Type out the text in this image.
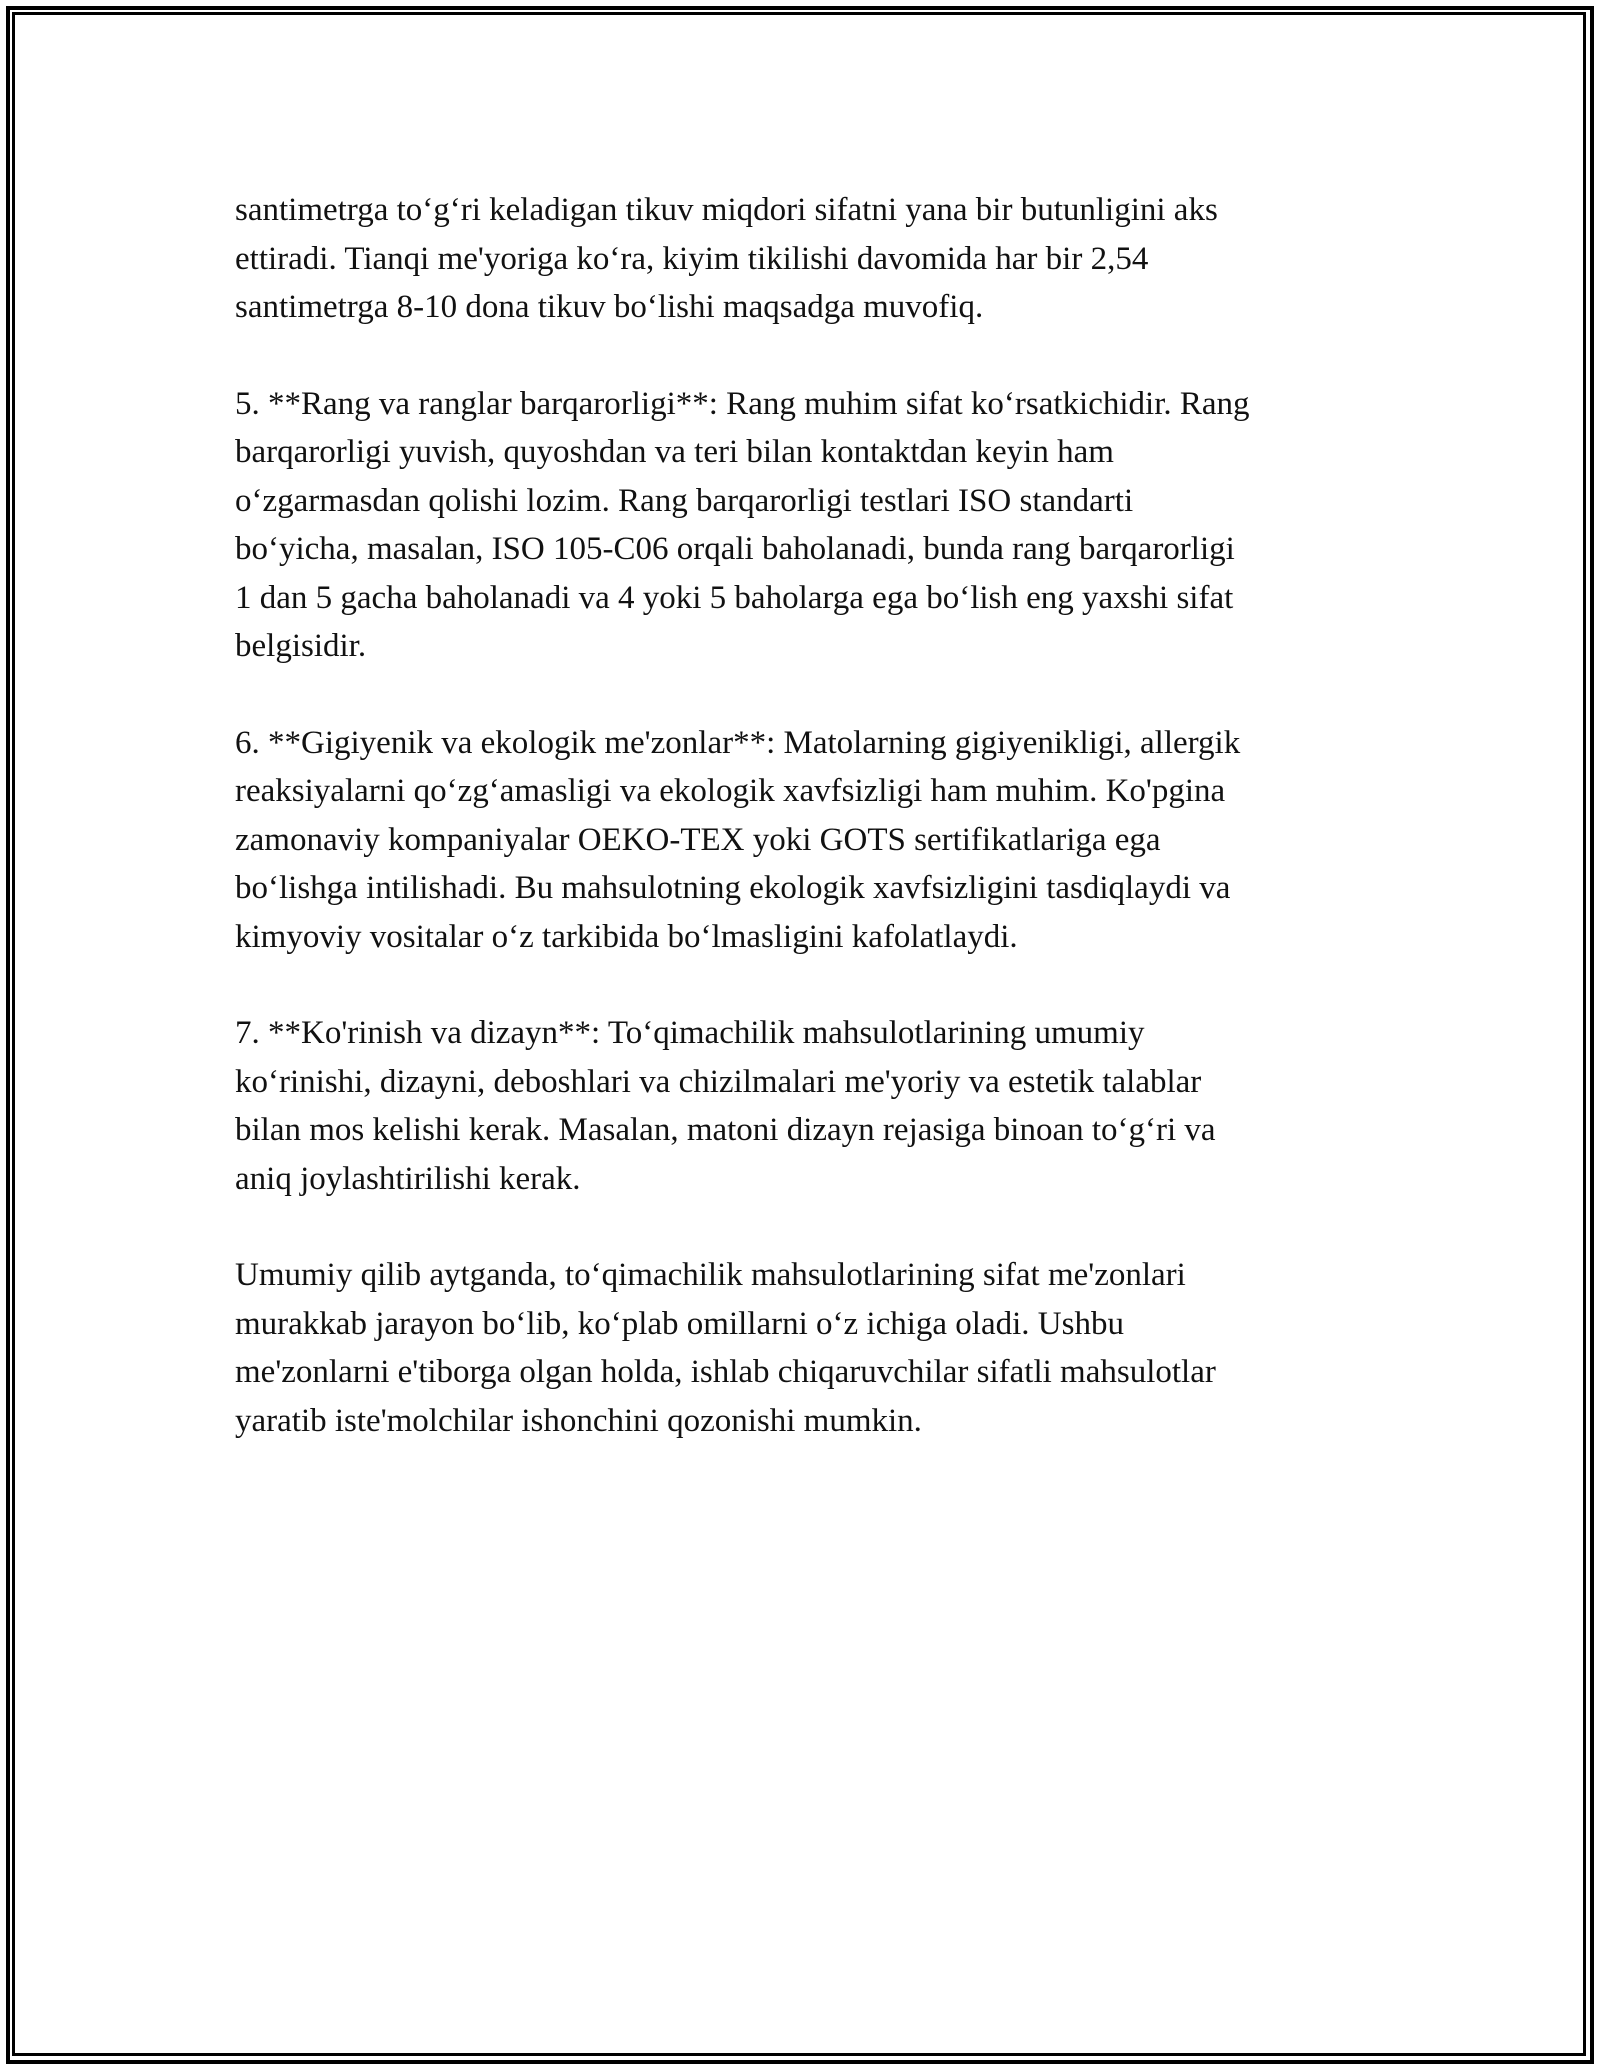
santimetrga to‘g‘ri keladigan tikuv miqdori sifatni yana bir butunligini aks
ettiradi. Tianqi me'yoriga ko‘ra, kiyim tikilishi davomida har bir 2,54
santimetrga 8-10 dona tikuv bo‘lishi maqsadga muvofiq.

5. **Rang va ranglar barqarorligi**: Rang muhim sifat ko‘rsatkichidir. Rang
barqarorligi yuvish, quyoshdan va teri bilan kontaktdan keyin ham
o‘zgarmasdan qolishi lozim. Rang barqarorligi testlari ISO standarti
bo‘yicha, masalan, ISO 105-C06 orqali baholanadi, bunda rang barqarorligi
1 dan 5 gacha baholanadi va 4 yoki 5 baholarga ega bo‘lish eng yaxshi sifat
belgisidir.

6. **Gigiyenik va ekologik me'zonlar**: Matolarning gigiyenikligi, allergik
reaksiyalarni qo‘zg‘amasligi va ekologik xavfsizligi ham muhim. Ko'pgina
zamonaviy kompaniyalar OEKO-TEX yoki GOTS sertifikatlariga ega
bo‘lishga intilishadi. Bu mahsulotning ekologik xavfsizligini tasdiqlaydi va
kimyoviy vositalar o‘z tarkibida bo‘lmasligini kafolatlaydi.

7. **Ko'rinish va dizayn**: To‘qimachilik mahsulotlarining umumiy
ko‘rinishi, dizayni, deboshlari va chizilmalari me'yoriy va estetik talablar
bilan mos kelishi kerak. Masalan, matoni dizayn rejasiga binoan to‘g‘ri va
aniq joylashtirilishi kerak.

Umumiy qilib aytganda, to‘qimachilik mahsulotlarining sifat me'zonlari
murakkab jarayon bo‘lib, ko‘plab omillarni o‘z ichiga oladi. Ushbu
me'zonlarni e'tiborga olgan holda, ishlab chiqaruvchilar sifatli mahsulotlar
yaratib iste'molchilar ishonchini qozonishi mumkin.
